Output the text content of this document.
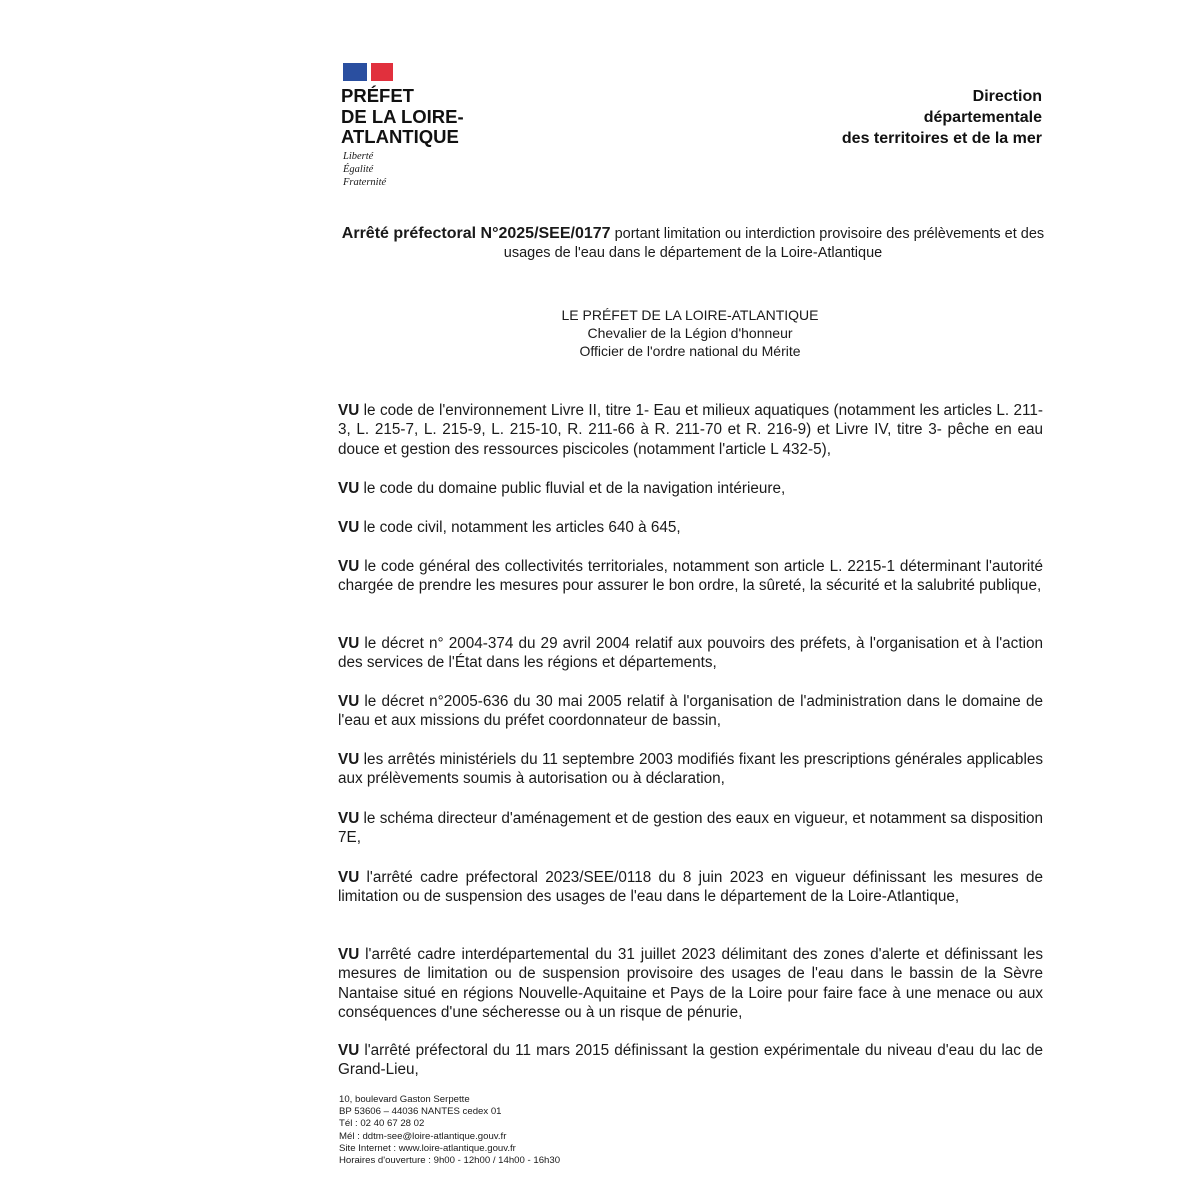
PRÉFET
DE LA LOIRE-
ATLANTIQUE
Liberté
Égalité
Fraternité
Direction
départementale
des territoires et de la mer
Arrêté préfectoral N°2025/SEE/0177 portant limitation ou interdiction provisoire des prélèvements et des usages de l'eau dans le département de la Loire-Atlantique
LE PRÉFET DE LA LOIRE-ATLANTIQUE
Chevalier de la Légion d'honneur
Officier de l'ordre national du Mérite
VU le code de l'environnement Livre II, titre 1- Eau et milieux aquatiques (notamment les articles L. 211-3, L. 215-7, L. 215-9, L. 215-10, R. 211-66 à R. 211-70 et R. 216-9) et Livre IV, titre 3- pêche en eau douce et gestion des ressources piscicoles (notamment l'article L 432-5),
VU le code du domaine public fluvial et de la navigation intérieure,
VU le code civil, notamment les articles 640 à 645,
VU le code général des collectivités territoriales, notamment son article L. 2215-1 déterminant l'autorité chargée de prendre les mesures pour assurer le bon ordre, la sûreté, la sécurité et la salubrité publique,
VU le décret n° 2004-374 du 29 avril 2004 relatif aux pouvoirs des préfets, à l'organisation et à l'action des services de l'État dans les régions et départements,
VU le décret n°2005-636 du 30 mai 2005 relatif à l'organisation de l'administration dans le domaine de l'eau et aux missions du préfet coordonnateur de bassin,
VU les arrêtés ministériels du 11 septembre 2003 modifiés fixant les prescriptions générales applicables aux prélèvements soumis à autorisation ou à déclaration,
VU le schéma directeur d'aménagement et de gestion des eaux en vigueur, et notamment sa disposition 7E,
VU l'arrêté cadre préfectoral 2023/SEE/0118 du 8 juin 2023 en vigueur définissant les mesures de limitation ou de suspension des usages de l'eau dans le département de la Loire-Atlantique,
VU l'arrêté cadre interdépartemental du 31 juillet 2023 délimitant des zones d'alerte et définissant les mesures de limitation ou de suspension provisoire des usages de l'eau dans le bassin de la Sèvre Nantaise situé en régions Nouvelle-Aquitaine et Pays de la Loire pour faire face à une menace ou aux conséquences d'une sécheresse ou à un risque de pénurie,
VU l'arrêté préfectoral du 11 mars 2015 définissant la gestion expérimentale du niveau d'eau du lac de Grand-Lieu,
10, boulevard Gaston Serpette
BP 53606 – 44036 NANTES cedex 01
Tél : 02 40 67 28 02
Mél : ddtm-see@loire-atlantique.gouv.fr
Site Internet : www.loire-atlantique.gouv.fr
Horaires d'ouverture : 9h00 - 12h00 / 14h00 - 16h30
